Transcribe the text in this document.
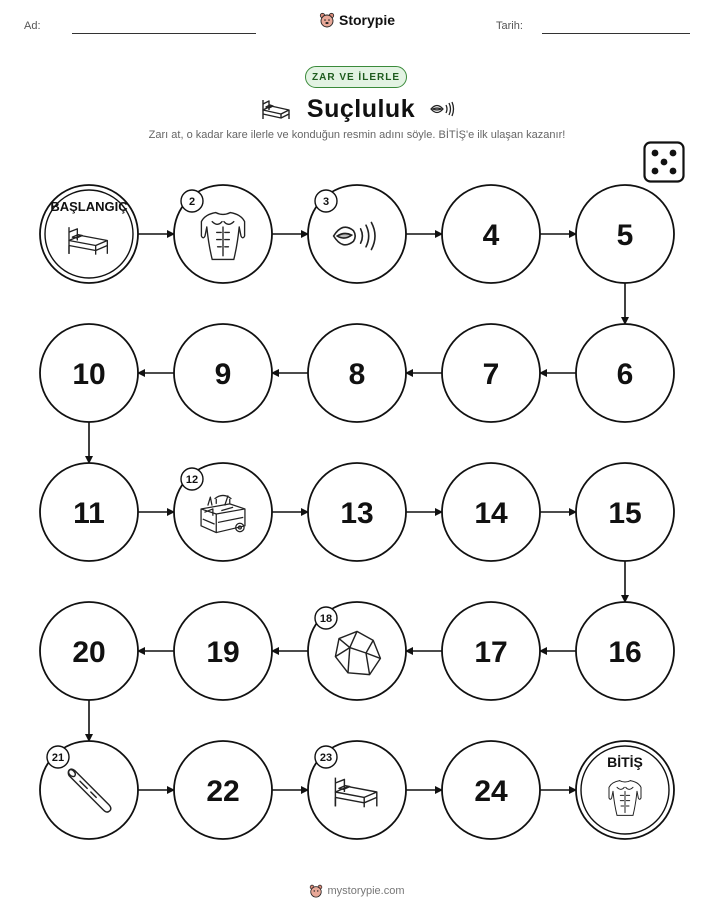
Ad:	Tarih:
Storypie
ZAR VE İLERLE
Suçluluk
Zarı at, o kadar kare ilerle ve konduğun resmin adını söyle. BİTİŞ'e ilk ulaşan kazanır!
BAŞLANGIÇ	2	3
4	5
6
7
8
9
10
11
12
13	14	15
16
17
18
19
20
21
22
23
24
BİTİŞ
mystorypie.com
